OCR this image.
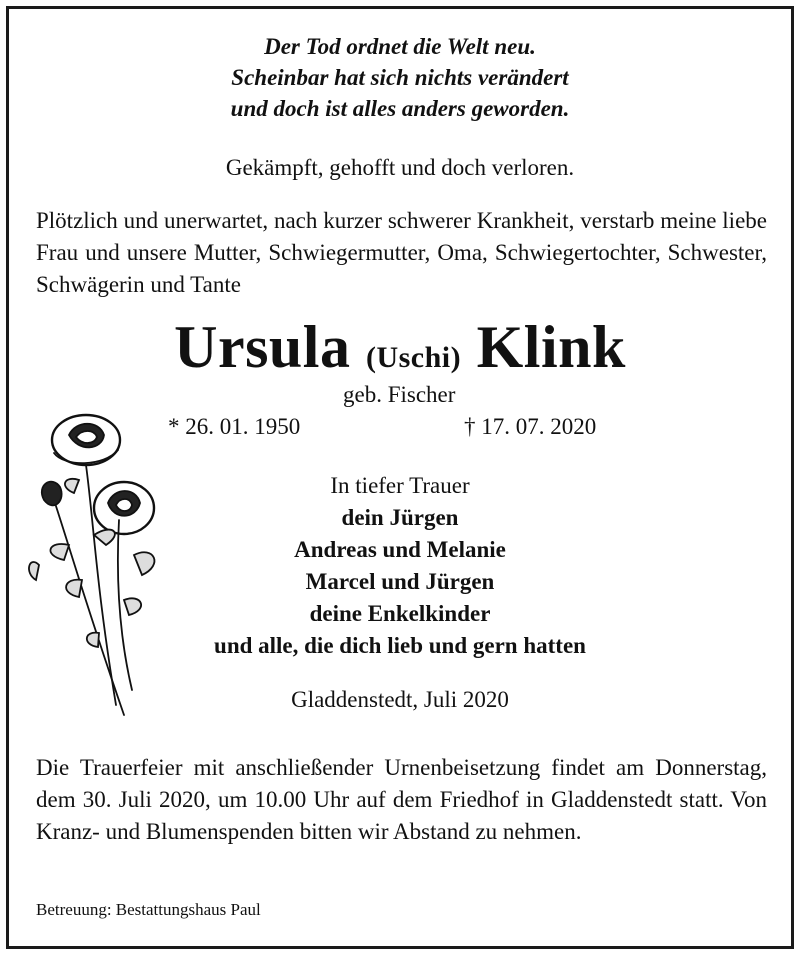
Der Tod ordnet die Welt neu.
Scheinbar hat sich nichts verändert
und doch ist alles anders geworden.
Gekämpft, gehofft und doch verloren.
Plötzlich und unerwartet, nach kurzer schwerer Krankheit, verstarb meine liebe Frau und unsere Mutter, Schwiegermutter, Oma, Schwiegertochter, Schwester, Schwägerin und Tante
Ursula (Uschi) Klink
geb. Fischer
* 26. 01. 1950	† 17. 07. 2020
In tiefer Trauer
dein Jürgen
Andreas und Melanie
Marcel und Jürgen
deine Enkelkinder
und alle, die dich lieb und gern hatten
Gladdenstedt, Juli 2020
Die Trauerfeier mit anschließender Urnenbeisetzung findet am Donnerstag, dem 30. Juli 2020, um 10.00 Uhr auf dem Friedhof in Gladdenstedt statt. Von Kranz- und Blumenspenden bitten wir Abstand zu nehmen.
Betreuung: Bestattungshaus Paul
